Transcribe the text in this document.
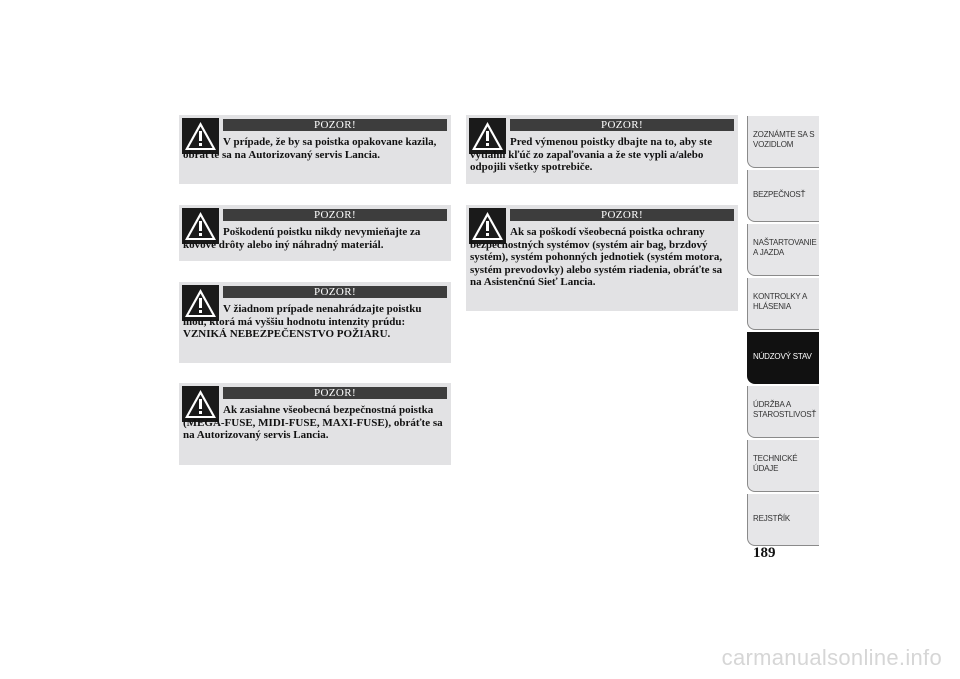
POZOR!

V prípade, že by sa poistka opakovane kazila, obráťte sa na Autorizovaný servis Lancia.

POZOR!

Poškodenú poistku nikdy nevymieňajte za kovové drôty alebo iný náhradný materiál.

POZOR!

V žiadnom prípade nenahrádzajte poistku inou, ktorá má vyššiu hodnotu intenzity prúdu: VZNIKÁ NEBEZPEČENSTVO POŽIARU.

POZOR!

Ak zasiahne všeobecná bezpečnostná poistka (MEGA-FUSE, MIDI-FUSE, MAXI-FUSE), obráťte sa na Autorizovaný servis Lancia.

POZOR!

Pred výmenou poistky dbajte na to, aby ste vytiahli kľúč zo zapaľovania a že ste vypli a/alebo odpojili všetky spotrebiče.

POZOR!

Ak sa poškodí všeobecná poistka ochrany bezpečnostných systémov (systém air bag, brzdový systém), systém pohonných jednotiek (systém motora, systém prevodovky) alebo systém riadenia, obráťte sa na Asistenčnú Sieť Lancia.

ZOZNÁMTE SA S VOZIDLOM
BEZPEČNOSŤ
NAŠTARTOVANIE A JAZDA
KONTROLKY A HLÁSENIA
NÚDZOVÝ STAV
ÚDRŽBA A STAROSTLIVOSŤ
TECHNICKÉ ÚDAJE
REJSTŘÍK
189
carmanualsonline.info
